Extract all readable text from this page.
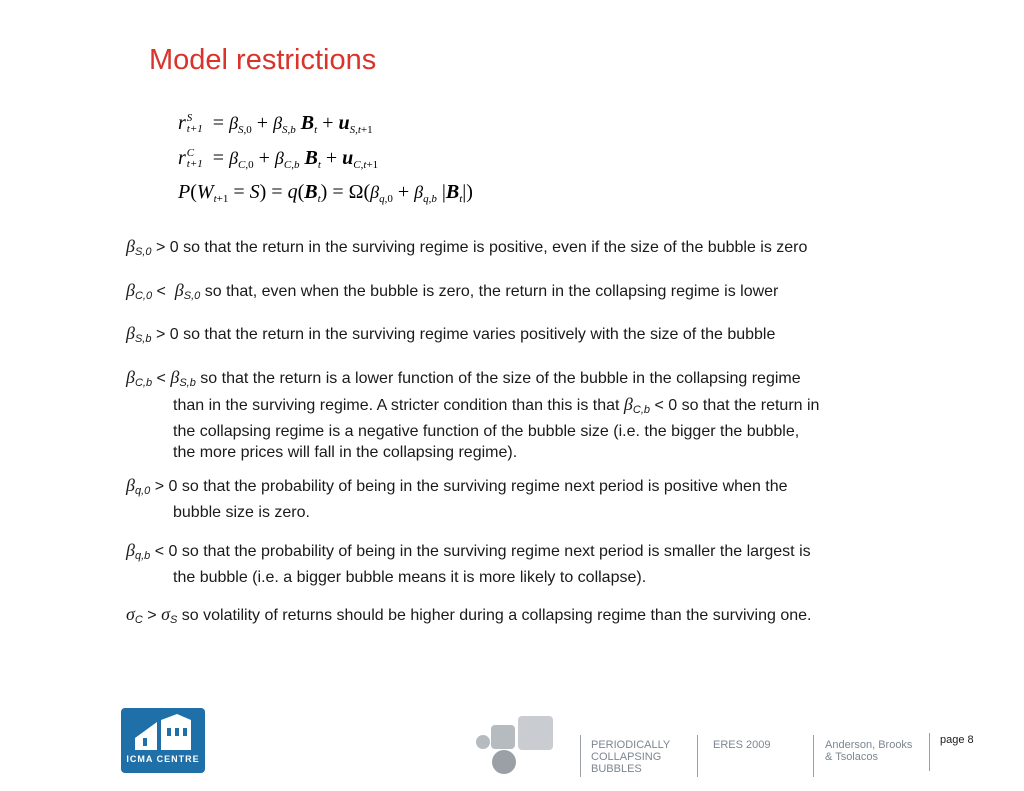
Model restrictions
r S
$t+1 = \beta_{S,0} + \beta_{S,b}$ $B_t + u_{S,t+1}$
r C
$t+1 = \beta_{C,0} + \beta_{C,b}$ $B_t + u_{C,t+1}$
$P(W_{t+1} = S) = q(B_t) = \Omega(\beta_{q,0} + \beta_{q,b}$ $|B_t|$)
βS,0 > 0 so that the return in the surviving regime is positive, even if the size of the bubble is zero
βC,0 < βS,0 so that, even when the bubble is zero, the return in the collapsing regime is lower
βS,b > 0 so that the return in the surviving regime varies positively with the size of the bubble
βC,b < βS,b so that the return is a lower function of the size of the bubble in the collapsing regime
than in the surviving regime. A stricter condition than this is that βC,b < 0 so that the return in
the collapsing regime is a negative function of the bubble size (i.e. the bigger the bubble,
the more prices will fall in the collapsing regime).
βq,0 > 0 so that the probability of being in the surviving regime next period is positive when the
bubble size is zero.
βq,b < 0 so that the probability of being in the surviving regime next period is smaller the largest is
the bubble (i.e. a bigger bubble means it is more likely to collapse).
σC > σS so volatility of returns should be higher during a collapsing regime than the surviving one.
ICMA CENTRE
PERIODICALLY
COLLAPSING
BUBBLES
ERES 2009	Anderson, Brooks
& Tsolacos
page 8
